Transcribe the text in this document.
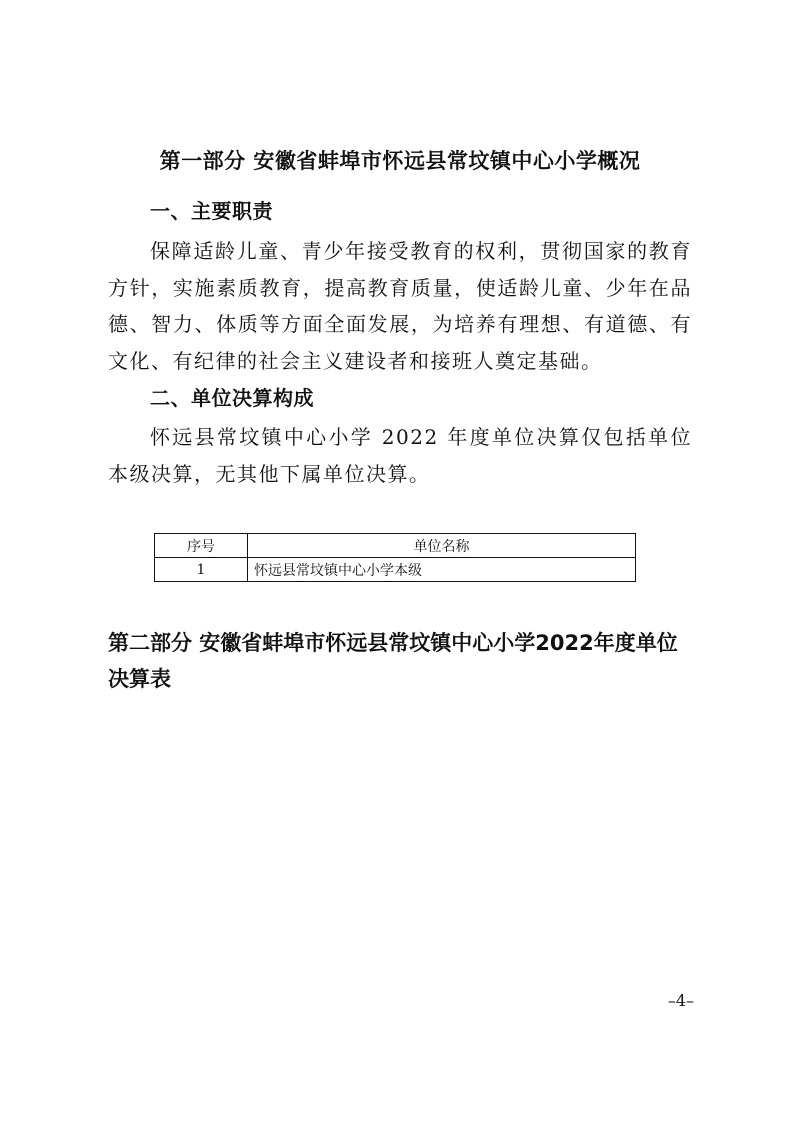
第一部分 安徽省蚌埠市怀远县常坟镇中心小学概况
一、主要职责

保障适龄儿童、青少年接受教育的权利，贯彻国家的教育方针，实施素质教育，提高教育质量，使适龄儿童、少年在品德、智力、体质等方面全面发展，为培养有理想、有道德、有文化、有纪律的社会主义建设者和接班人奠定基础。

二、单位决算构成

怀远县常坟镇中心小学 2022 年度单位决算仅包括单位本级决算，无其他下属单位决算。

序号	单位名称
1	怀远县常坟镇中心小学本级
第二部分 安徽省蚌埠市怀远县常坟镇中心小学2022年度单位决算表
–4–
